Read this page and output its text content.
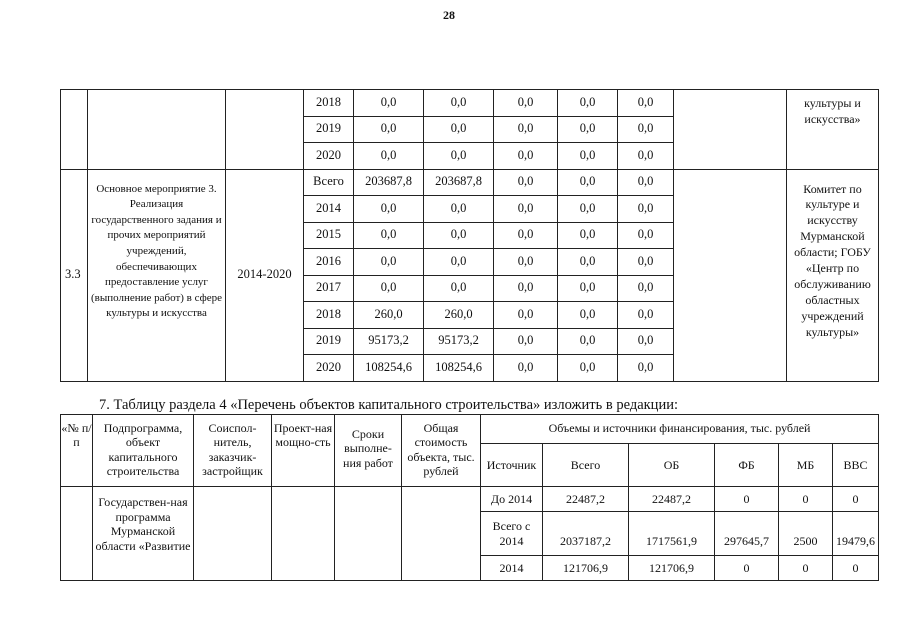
28
			2018	0,0	0,0	0,0	0,0	0,0		культуры и искусства»
			2019	0,0	0,0	0,0	0,0	0,0		
			2020	0,0	0,0	0,0	0,0	0,0		
3.3	Основное мероприятие 3. Реализация государственного задания и прочих мероприятий учреждений, обеспечивающих предоставление услуг (выполнение работ) в сфере культуры и искусства	2014-2020	Всего	203687,8	203687,8	0,0	0,0	0,0		Комитет по культуре и искусству Мурманской области; ГОБУ «Центр по обслуживанию областных учреждений культуры»
			2014	0,0	0,0	0,0	0,0	0,0		
			2015	0,0	0,0	0,0	0,0	0,0		
			2016	0,0	0,0	0,0	0,0	0,0		
			2017	0,0	0,0	0,0	0,0	0,0		
			2018	260,0	260,0	0,0	0,0	0,0		
			2019	95173,2	95173,2	0,0	0,0	0,0		
			2020	108254,6	108254,6	0,0	0,0	0,0		
7. Таблицу раздела 4 «Перечень объектов капитального строительства» изложить в редакции:
«№ п/п	Подпрограмма, объект капитального строительства	Соиспол-нитель, заказчик-застройщик	Проект-ная мощно-сть	Сроки выполне-ния работ	Общая стоимость объекта, тыс. рублей	Объемы и источники финансирования, тыс. рублей					
						Источник	Всего	ОБ	ФБ	МБ	ВВС
	Государствен-ная программа Мурманской области «Развитие					До 2014	22487,2	22487,2	0	0	0
						Всего с 2014	2037187,2	1717561,9	297645,7	2500	19479,6
						2014	121706,9	121706,9	0	0	0
